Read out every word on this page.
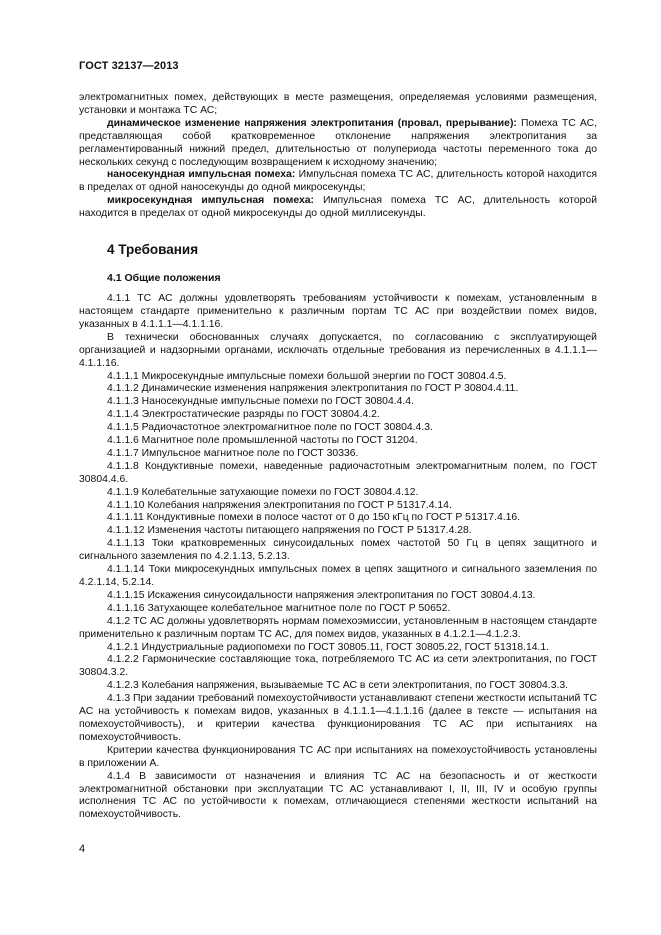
ГОСТ 32137—2013

электромагнитных помех, действующих в месте размещения, определяемая условиями размещения, установки и монтажа ТС АС;

динамическое изменение напряжения электропитания (провал, прерывание): Помеха ТС АС, представляющая собой кратковременное отклонение напряжения электропитания за регламентированный нижний предел, длительностью от полупериода частоты переменного тока до нескольких секунд с последующим возвращением к исходному значению;

наносекундная импульсная помеха: Импульсная помеха ТС АС, длительность которой находится в пределах от одной наносекунды до одной микросекунды;

микросекундная импульсная помеха: Импульсная помеха ТС АС, длительность которой находится в пределах от одной микросекунды до одной миллисекунды.

4 Требования

4.1 Общие положения

4.1.1 ТС АС должны удовлетворять требованиям устойчивости к помехам, установленным в настоящем стандарте применительно к различным портам ТС АС при воздействии помех видов, указанных в 4.1.1.1—4.1.1.16.

В технически обоснованных случаях допускается, по согласованию с эксплуатирующей организацией и надзорными органами, исключать отдельные требования из перечисленных в 4.1.1.1—4.1.1.16.

4.1.1.1 Микросекундные импульсные помехи большой энергии по ГОСТ 30804.4.5.

4.1.1.2 Динамические изменения напряжения электропитания по ГОСТ Р 30804.4.11.

4.1.1.3 Наносекундные импульсные помехи по ГОСТ 30804.4.4.

4.1.1.4 Электростатические разряды по ГОСТ 30804.4.2.

4.1.1.5 Радиочастотное электромагнитное поле по ГОСТ 30804.4.3.

4.1.1.6 Магнитное поле промышленной частоты по ГОСТ 31204.

4.1.1.7 Импульсное магнитное поле по ГОСТ 30336.

4.1.1.8 Кондуктивные помехи, наведенные радиочастотным электромагнитным полем, по ГОСТ 30804.4.6.

4.1.1.9 Колебательные затухающие помехи по ГОСТ 30804.4.12.

4.1.1.10 Колебания напряжения электропитания по ГОСТ Р 51317.4.14.

4.1.1.11 Кондуктивные помехи в полосе частот от 0 до 150 кГц по ГОСТ Р 51317.4.16.

4.1.1.12 Изменения частоты питающего напряжения по ГОСТ Р 51317.4.28.

4.1.1.13 Токи кратковременных синусоидальных помех частотой 50 Гц в цепях защитного и сигнального заземления по 4.2.1.13, 5.2.13.

4.1.1.14 Токи микросекундных импульсных помех в цепях защитного и сигнального заземления по 4.2.1.14, 5.2.14.

4.1.1.15 Искажения синусоидальности напряжения электропитания по ГОСТ 30804.4.13.

4.1.1.16 Затухающее колебательное магнитное поле по ГОСТ Р 50652.

4.1.2 ТС АС должны удовлетворять нормам помехоэмиссии, установленным в настоящем стандарте применительно к различным портам ТС АС, для помех видов, указанных в 4.1.2.1—4.1.2.3.

4.1.2.1 Индустриальные радиопомехи по ГОСТ 30805.11, ГОСТ 30805.22, ГОСТ 51318.14.1.

4.1.2.2 Гармонические составляющие тока, потребляемого ТС АС из сети электропитания, по ГОСТ 30804.3.2.

4.1.2.3 Колебания напряжения, вызываемые ТС АС в сети электропитания, по ГОСТ 30804.3.3.

4.1.3 При задании требований помехоустойчивости устанавливают степени жесткости испытаний ТС АС на устойчивость к помехам видов, указанных в 4.1.1.1—4.1.1.16 (далее в тексте — испытания на помехоустойчивость), и критерии качества функционирования ТС АС при испытаниях на помехоустойчивость.

Критерии качества функционирования ТС АС при испытаниях на помехоустойчивость установлены в приложении А.

4.1.4 В зависимости от назначения и влияния ТС АС на безопасность и от жесткости электромагнитной обстановки при эксплуатации ТС АС устанавливают I, II, III, IV и особую группы исполнения ТС АС по устойчивости к помехам, отличающиеся степенями жесткости испытаний на помехоустойчивость.

4
